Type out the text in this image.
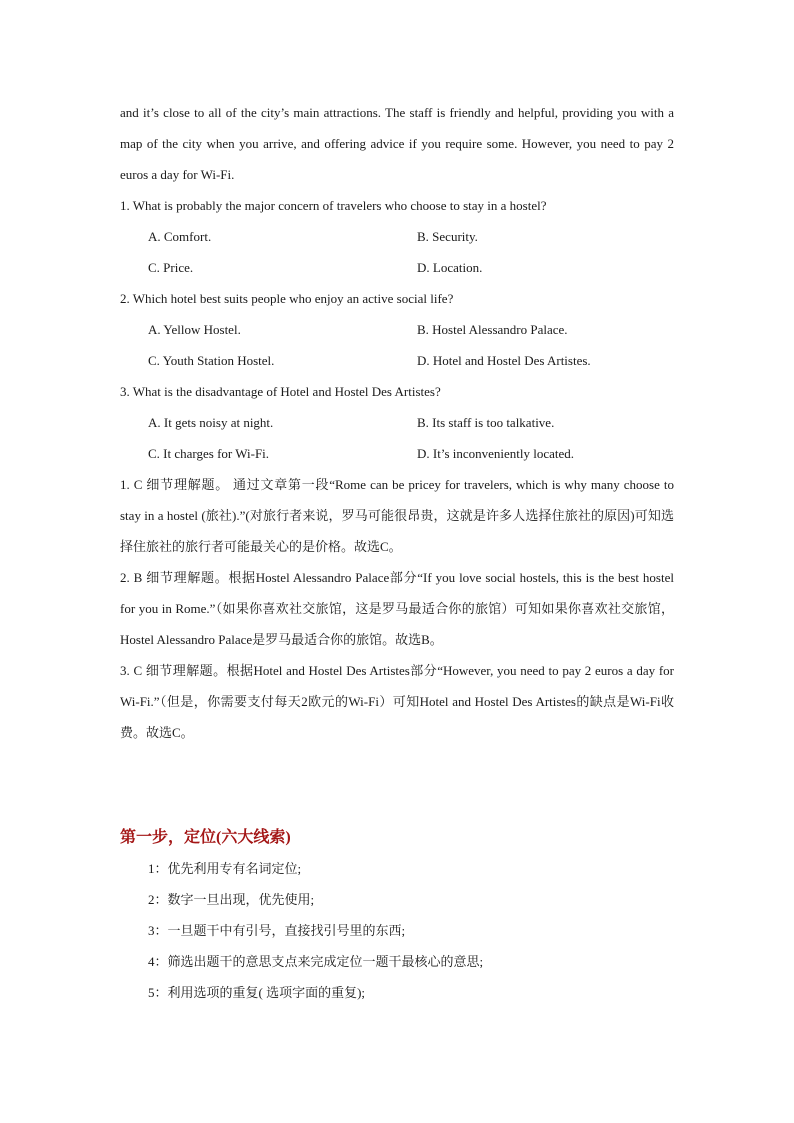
and it’s close to all of the city’s main attractions. The staff is friendly and helpful, providing you with a map of the city when you arrive, and offering advice if you require some. However, you need to pay 2 euros a day for Wi-Fi.

1. What is probably the major concern of travelers who choose to stay in a hostel?

A. Comfort.	B. Security.
C. Price.	D. Location.

2. Which hotel best suits people who enjoy an active social life?

A. Yellow Hostel.	B. Hostel Alessandro Palace.
C. Youth Station Hostel.	D. Hotel and Hostel Des Artistes.

3. What is the disadvantage of Hotel and Hostel Des Artistes?

A. It gets noisy at night.	B. Its staff is too talkative.
C. It charges for Wi-Fi.	D. It’s inconveniently located.

1. C 细节理解题。 通过文章第一段“Rome can be pricey for travelers, which is why many choose to stay in a hostel (旅社).”(对旅行者来说，罗马可能很昂贵，这就是许多人选择住旅社的原因)可知选择住旅社的旅行者可能最关心的是价格。故选C。

2. B 细节理解题。根据Hostel Alessandro Palace部分“If you love social hostels, this is the best hostel for you in Rome.”（如果你喜欢社交旅馆，这是罗马最适合你的旅馆）可知如果你喜欢社交旅馆，Hostel Alessandro Palace是罗马最适合你的旅馆。故选B。

3. C 细节理解题。根据Hotel and Hostel Des Artistes部分“However, you need to pay 2 euros a day for Wi-Fi.”（但是，你需要支付每天2欧元的Wi-Fi）可知Hotel and Hostel Des Artistes的缺点是Wi-Fi收费。故选C。

第一步，定位(六大线索)

1：优先利用专有名词定位;

2：数字一旦出现，优先使用;

3：一旦题干中有引号，直接找引号里的东西;

4：筛选出题干的意思支点来完成定位一题干最核心的意思;

5：利用选项的重复( 选项字面的重复);
